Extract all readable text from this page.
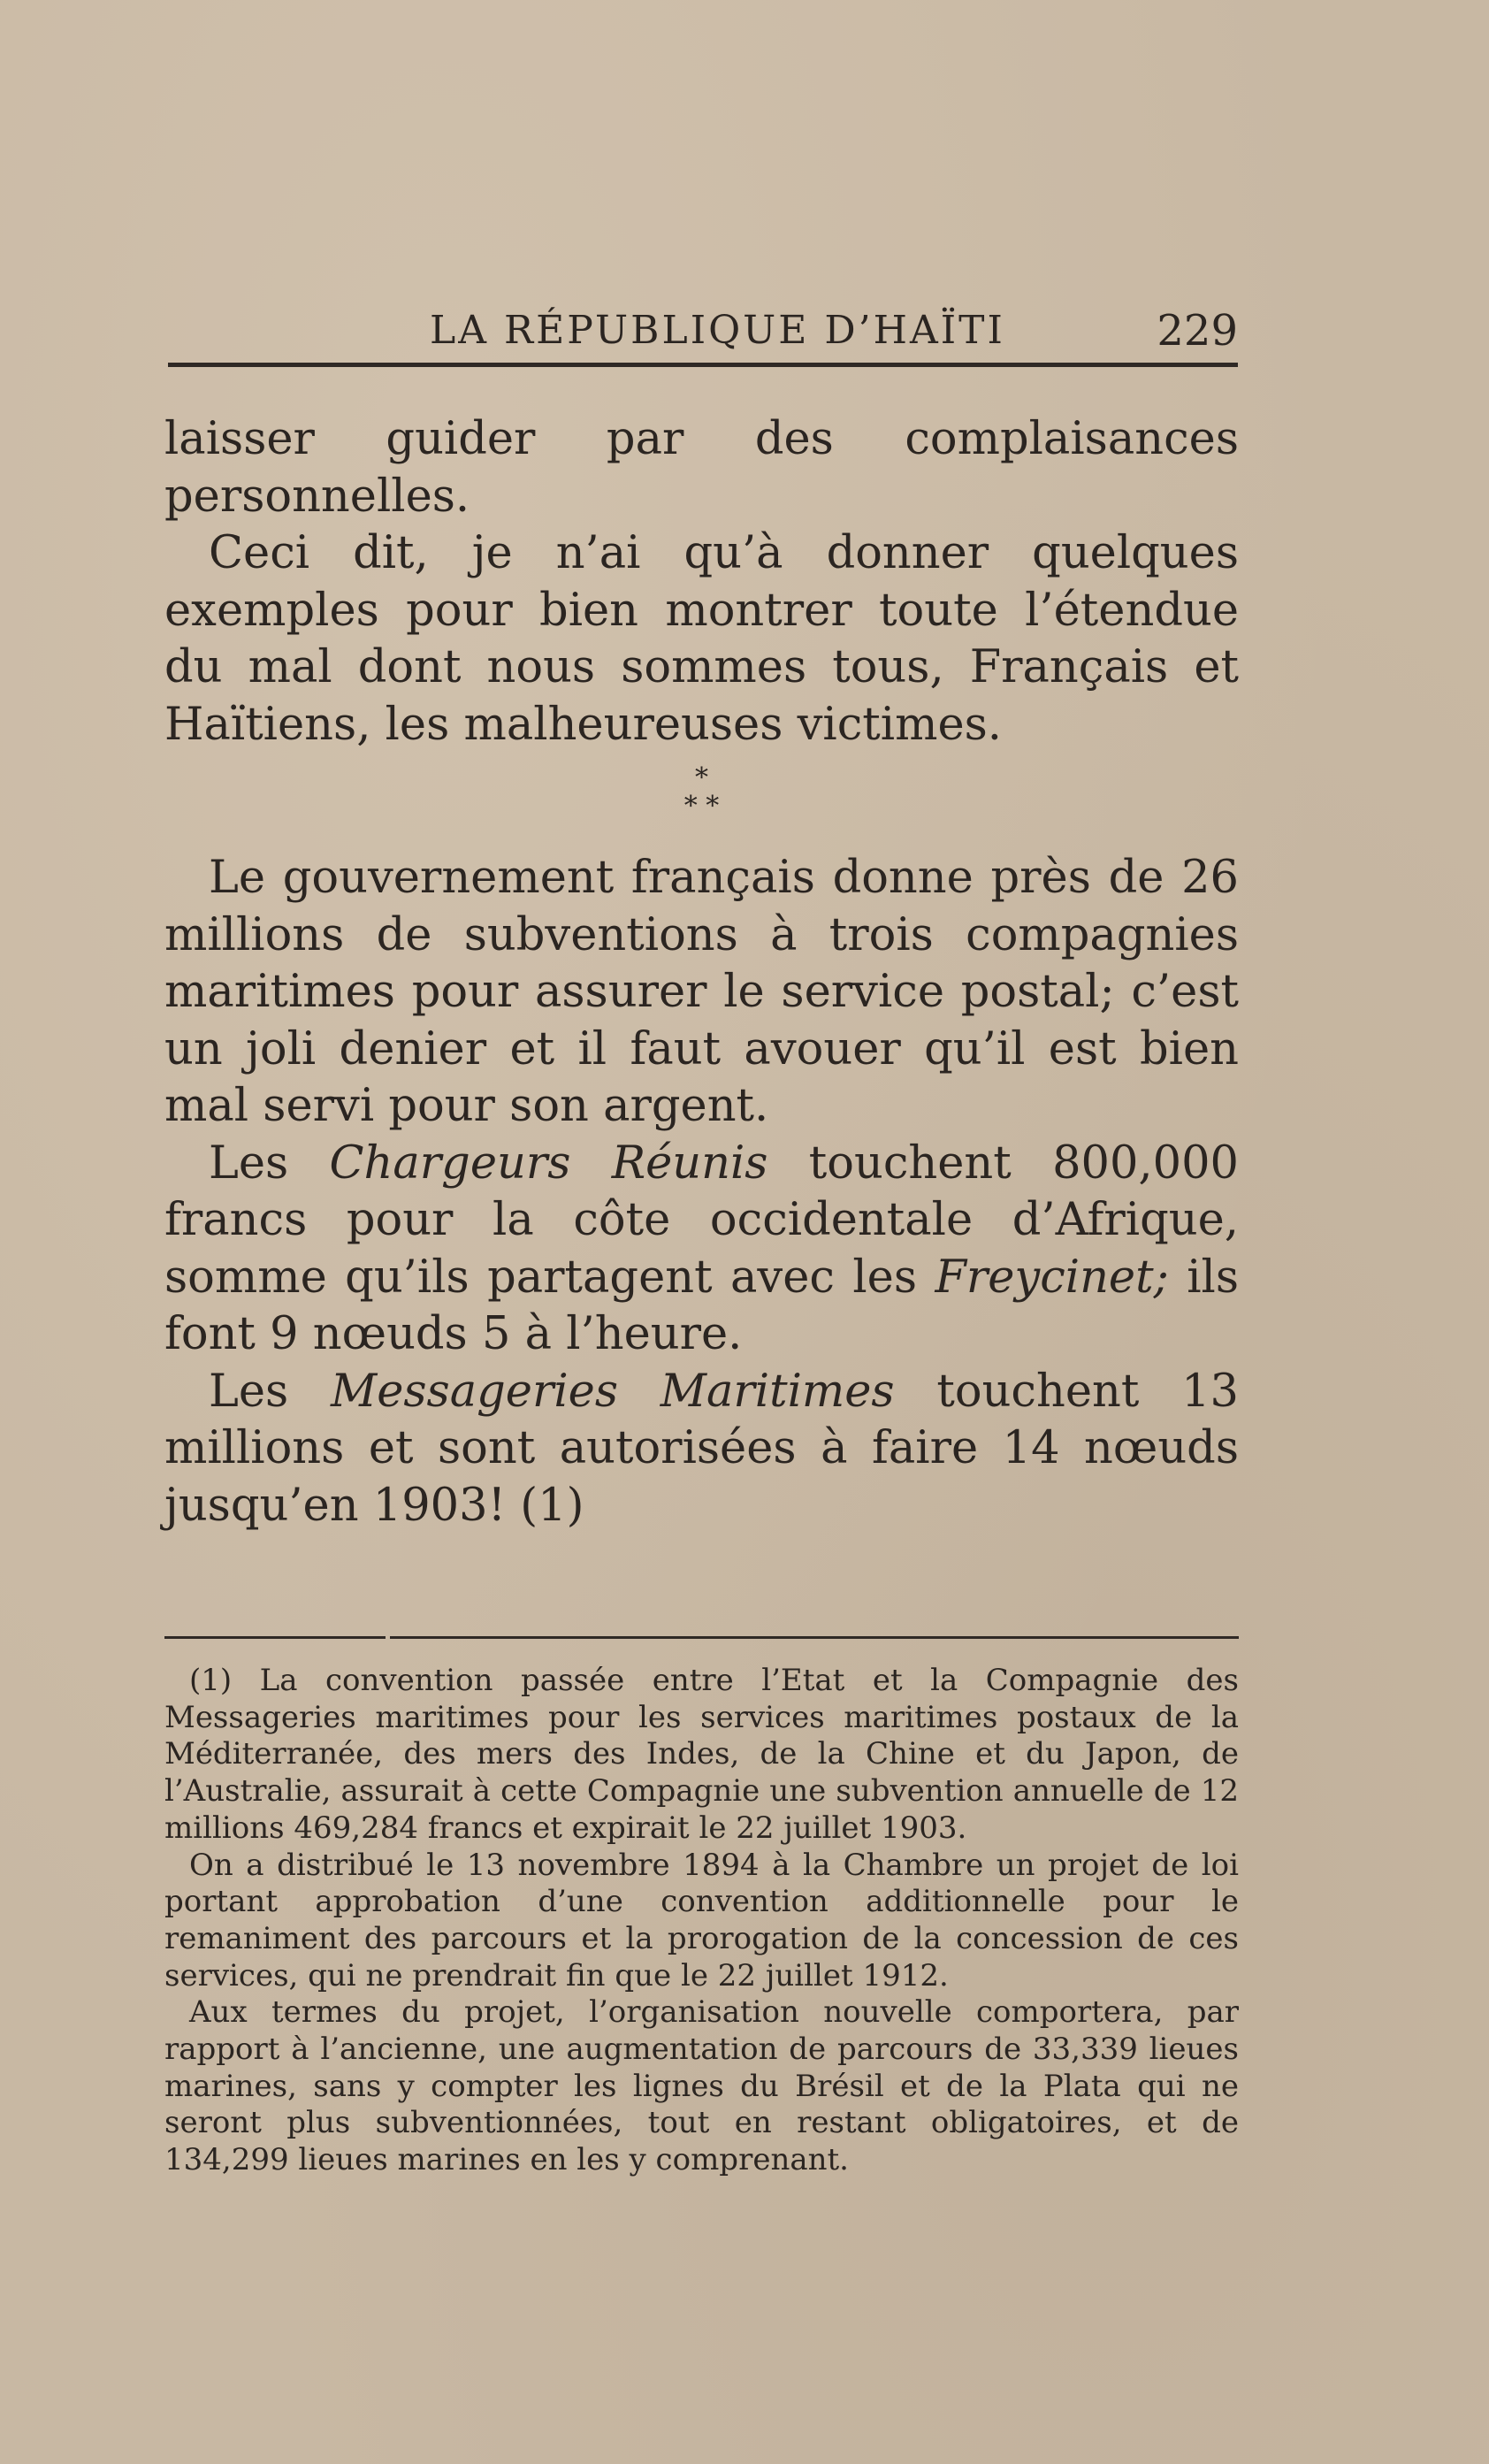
LA RÉPUBLIQUE D’HAÏTI	229

laisser guider par des complaisances personnelles.

Ceci dit, je n’ai qu’à donner quelques exemples pour bien montrer toute l’étendue du mal dont nous sommes tous, Français et Haïtiens, les malheureuses victimes.

*
* *

Le gouvernement français donne près de 26 millions de subventions à trois compagnies maritimes pour assurer le service postal; c’est un joli denier et il faut avouer qu’il est bien mal servi pour son argent.

Les Chargeurs Réunis touchent 800,000 francs pour la côte occidentale d’Afrique, somme qu’ils partagent avec les Freycinet; ils font 9 nœuds 5 à l’heure.

Les Messageries Maritimes touchent 13 millions et sont autorisées à faire 14 nœuds jusqu’en 1903! (1)

(1) La convention passée entre l’Etat et la Compagnie des Messageries maritimes pour les services maritimes postaux de la Méditerranée, des mers des Indes, de la Chine et du Japon, de l’Australie, assurait à cette Compagnie une subvention annuelle de 12 millions 469,284 francs et expirait le 22 juillet 1903.

On a distribué le 13 novembre 1894 à la Chambre un projet de loi portant approbation d’une convention additionnelle pour le remaniment des parcours et la prorogation de la concession de ces services, qui ne prendrait fin que le 22 juillet 1912.

Aux termes du projet, l’organisation nouvelle comportera, par rapport à l’ancienne, une augmentation de parcours de 33,339 lieues marines, sans y compter les lignes du Brésil et de la Plata qui ne seront plus subventionnées, tout en restant obligatoires, et de 134,299 lieues marines en les y comprenant.
